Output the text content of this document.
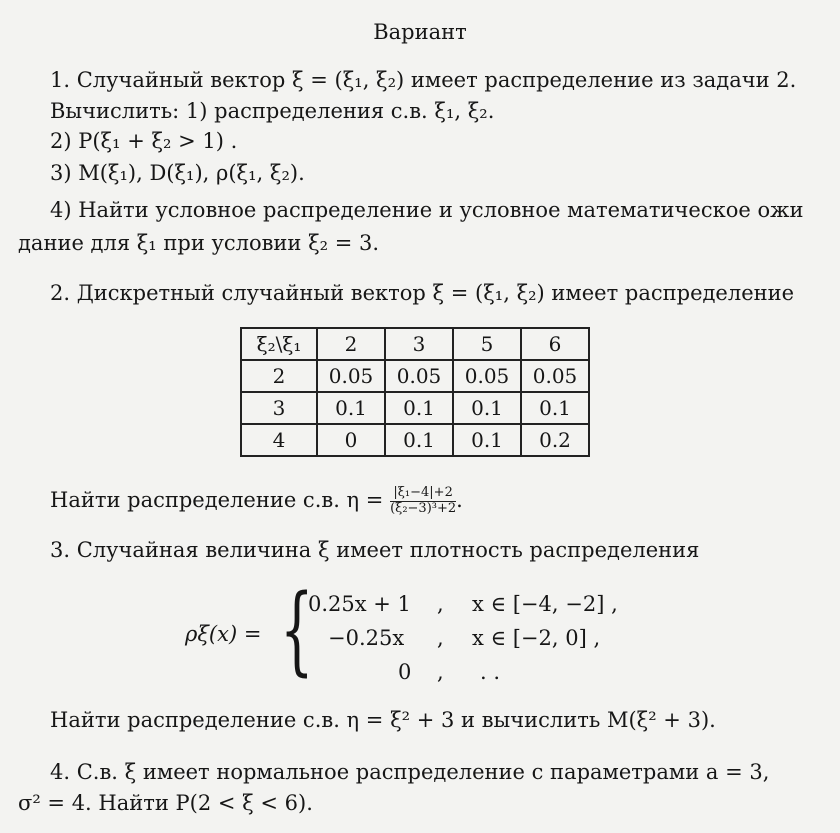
Вариант
1. Случайный вектор ξ = (ξ₁, ξ₂) имеет распределение из задачи 2.
Вычислить: 1) распределения с.в. ξ₁, ξ₂.
2) P(ξ₁ + ξ₂ > 1) .
3) M(ξ₁), D(ξ₁), ρ(ξ₁, ξ₂).
4) Найти условное распределение и условное математическое ожи
дание для ξ₁ при условии ξ₂ = 3.
2. Дискретный случайный вектор ξ = (ξ₁, ξ₂) имеет распределение
ξ₂\ξ₁	2	3	5	6
2	0.05	0.05	0.05	0.05
3	0.1	0.1	0.1	0.1
4	0	0.1	0.1	0.2
Найти распределение с.в. $\eta = \frac{\text{|ξ₁−4|+2}}{\text{(ξ₂−3)³+2}}$ .
3. Случайная величина ξ имеет плотность распределения
ρξ(x) = {
0.25x + 1 , x ∈ [−4, −2] ,
−0.25x , x ∈ [−2, 0] ,
0 , . .
Найти распределение с.в. η = ξ² + 3 и вычислить M(ξ² + 3).
4. С.в. ξ имеет нормальное распределение с параметрами a = 3,
σ² = 4. Найти P(2 < ξ < 6).
